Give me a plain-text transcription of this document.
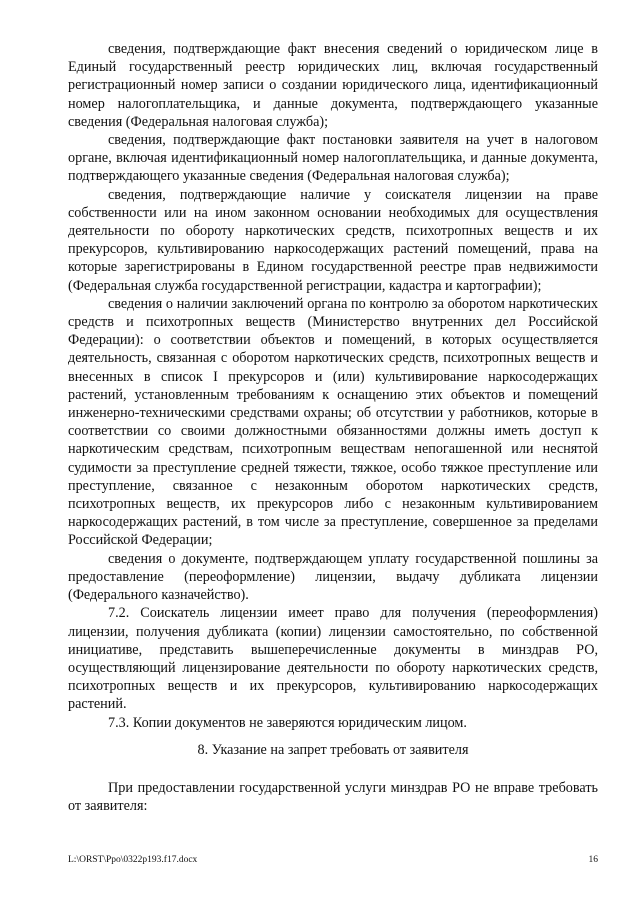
сведения, подтверждающие факт внесения сведений о юридическом лице в Единый государственный реестр юридических лиц, включая государственный регистрационный номер записи о создании юридического лица, идентификационный номер налогоплательщика, и данные документа, подтверждающего указанные сведения (Федеральная налоговая служба);

сведения, подтверждающие факт постановки заявителя на учет в налоговом органе, включая идентификационный номер налогоплательщика, и данные документа, подтверждающего указанные сведения (Федеральная налоговая служба);

сведения, подтверждающие наличие у соискателя лицензии на праве собственности или на ином законном основании необходимых для осуществления деятельности по обороту наркотических средств, психотропных веществ и их прекурсоров, культивированию наркосодержащих растений помещений, права на которые зарегистрированы в Едином государственной реестре прав недвижимости (Федеральная служба государственной регистрации, кадастра и картографии);

сведения о наличии заключений органа по контролю за оборотом наркотических средств и психотропных веществ (Министерство внутренних дел Российской Федерации): о соответствии объектов и помещений, в которых осуществляется деятельность, связанная с оборотом наркотических средств, психотропных веществ и внесенных в список I прекурсоров и (или) культивирование наркосодержащих растений, установленным требованиям к оснащению этих объектов и помещений инженерно-техническими средствами охраны; об отсутствии у работников, которые в соответствии со своими должностными обязанностями должны иметь доступ к наркотическим средствам, психотропным веществам непогашенной или неснятой судимости за преступление средней тяжести, тяжкое, особо тяжкое преступление или преступление, связанное с незаконным оборотом наркотических средств, психотропных веществ, их прекурсоров либо с незаконным культивированием наркосодержащих растений, в том числе за преступление, совершенное за пределами Российской Федерации;

сведения о документе, подтверждающем уплату государственной пошлины за предоставление (переоформление) лицензии, выдачу дубликата лицензии (Федерального казначейство).

7.2. Соискатель лицензии имеет право для получения (переоформления) лицензии, получения дубликата (копии) лицензии самостоятельно, по собственной инициативе, представить вышеперечисленные документы в минздрав РО, осуществляющий лицензирование деятельности по обороту наркотических средств, психотропных веществ и их прекурсоров, культивированию наркосодержащих растений.

7.3. Копии документов не заверяются юридическим лицом.

8. Указание на запрет требовать от заявителя

При предоставлении государственной услуги минздрав РО не вправе требовать от заявителя:

L:\ORST\Ppo\0322p193.f17.docx	16
